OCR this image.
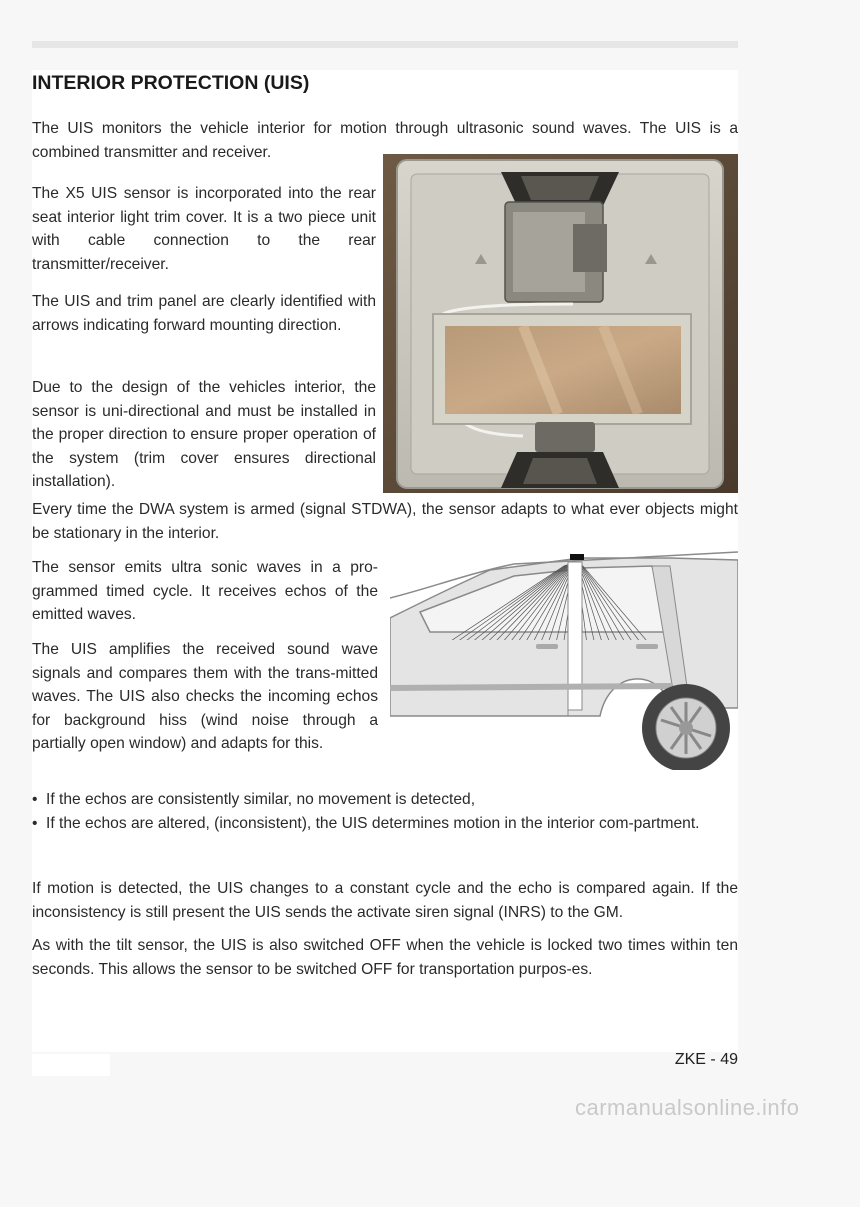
INTERIOR PROTECTION (UIS)

The UIS monitors the vehicle interior for motion through ultrasonic sound waves. The UIS is a combined transmitter and receiver.

The X5 UIS sensor is incorporated into the rear seat interior light trim cover. It is a two piece unit with cable connection to the rear transmitter/receiver.

The UIS and trim panel are clearly identified with arrows indicating forward mounting direction.

Due to the design of the vehicles interior, the sensor is uni-directional and must be installed in the proper direction to ensure proper operation of the system (trim cover ensures directional installation).

Every time the DWA system is armed (signal STDWA), the sensor adapts to what ever objects might be stationary in the interior.

The sensor emits ultra sonic waves in a pro-grammed timed cycle. It receives echos of the emitted waves.

The UIS amplifies the received sound wave signals and compares them with the trans-mitted waves. The UIS also checks the incoming echos for background hiss (wind noise through a partially open window) and adapts for this.

• If the echos are consistently similar, no movement is detected,
• If the echos are altered, (inconsistent), the UIS determines motion in the interior com-partment.

If motion is detected, the UIS changes to a constant cycle and the echo is compared again. If the inconsistency is still present the UIS sends the activate siren signal (INRS) to the GM.

As with the tilt sensor, the UIS is also switched OFF when the vehicle is locked two times within ten seconds. This allows the sensor to be switched OFF for transportation purpos-es.

ZKE - 49
carmanualsonline.info
